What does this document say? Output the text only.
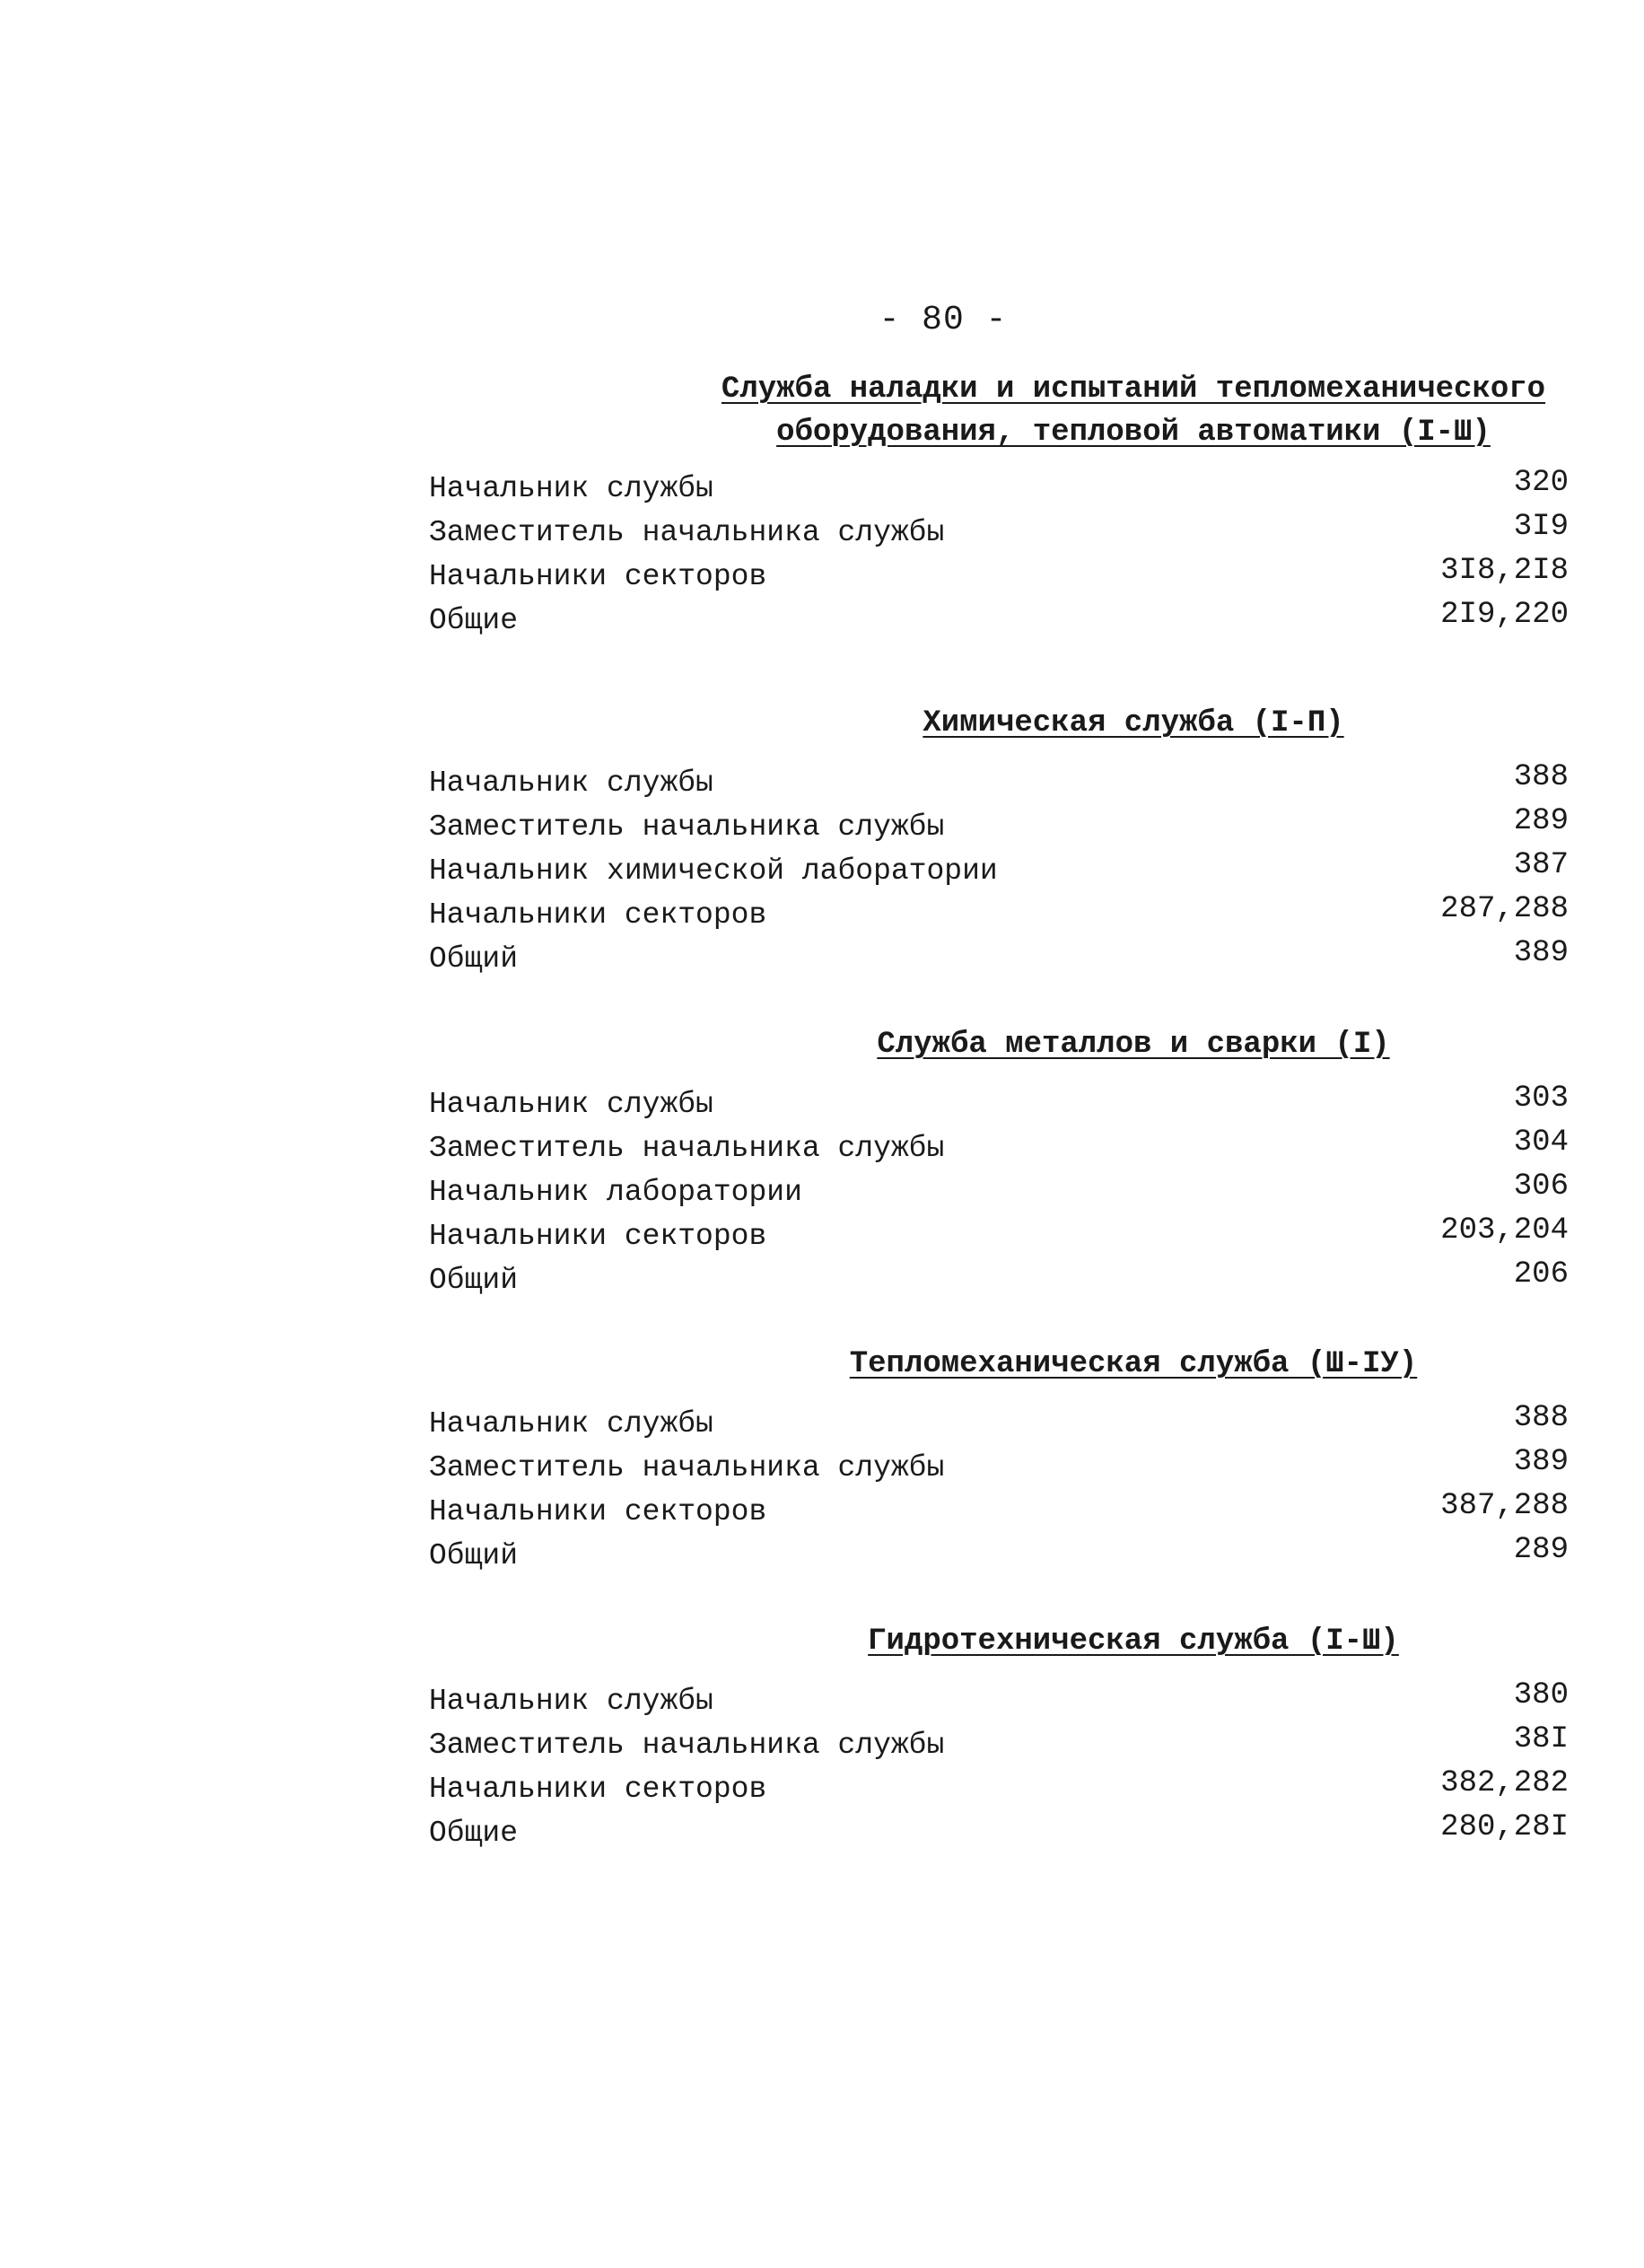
- 80 -
Служба наладки и испытаний тепломеханического
оборудования, тепловой автоматики (I-Ш)
Начальник службы	320
Заместитель начальника службы	3I9
Начальники секторов	3I8,2I8
Общие	2I9,220
Химическая служба (I-П)
Начальник службы	388
Заместитель начальника службы	289
Начальник химической лаборатории	387
Начальники секторов	287,288
Общий	389
Служба металлов и сварки (I)
Начальник службы	303
Заместитель начальника службы	304
Начальник лаборатории	306
Начальники секторов	203,204
Общий	206
Тепломеханическая служба (Ш-IУ)
Начальник службы	388
Заместитель начальника службы	389
Начальники секторов	387,288
Общий	289
Гидротехническая служба (I-Ш)
Начальник службы	380
Заместитель начальника службы	38I
Начальники секторов	382,282
Общие	280,28I
